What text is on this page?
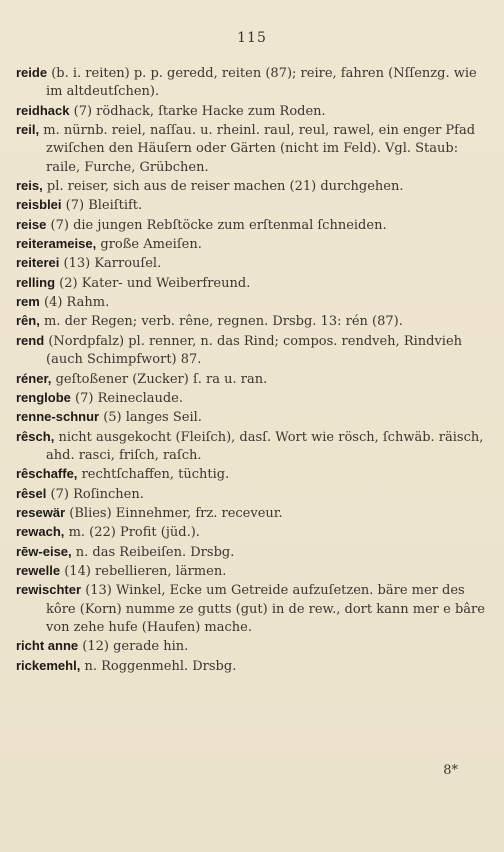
115

reide (b. i. reiten) p. p. geredd, reiten (87); reire, fahren (Nſſenzg. wie im altdeutſchen).

reidhack (7) rödhack, ſtarke Hacke zum Roden.

reil, m. nürnb. reiel, naſſau. u. rheinl. raul, reul, rawel, ein enger Pfad zwiſchen den Häuſern oder Gärten (nicht im Feld). Vgl. Staub: raile, Furche, Grübchen.

reis, pl. reiser, sich aus de reiser machen (21) durchgehen.

reisblei (7) Bleiſtift.

reise (7) die jungen Rebſtöcke zum erſtenmal ſchneiden.

reiterameise, große Ameiſen.

reiterei (13) Karrouſel.

relling (2) Kater- und Weiberfreund.

rem (4) Rahm.

rên, m. der Regen; verb. rêne, regnen. Drsbg. 13: rén (87).

rend (Nordpfalz) pl. renner, n. das Rind; compos. rendveh, Rindvieh (auch Schimpfwort) 87.

réner, geſtoßener (Zucker) ſ. ra u. ran.

renglobe (7) Reineclaude.

renne-schnur (5) langes Seil.

rêsch, nicht ausgekocht (Fleiſch), dasſ. Wort wie rösch, ſchwäb. räisch, ahd. rasci, friſch, raſch.

rêschaffe, rechtſchaffen, tüchtig.

rêsel (7) Roſinchen.

resewär (Blies) Einnehmer, frz. receveur.

rewach, m. (22) Profit (jüd.).

rēw-eise, n. das Reibeiſen. Drsbg.

rewelle (14) rebellieren, lärmen.

rewischter (13) Winkel, Ecke um Getreide aufzuſetzen. bäre mer des kôre (Korn) numme ze gutts (gut) in de rew., dort kann mer e bâre von zehe hufe (Haufen) mache.

richt anne (12) gerade hin.

rickemehl, n. Roggenmehl. Drsbg.

8*
